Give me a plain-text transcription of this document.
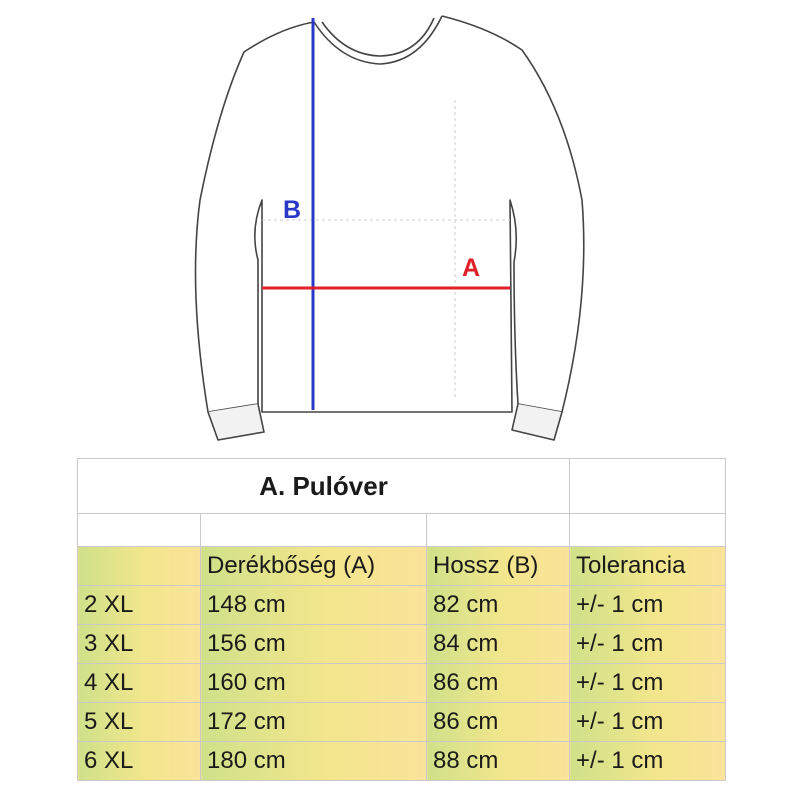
B
A
A. Pulóver			

	Derékbőség (A)	Hossz (B)	Tolerancia
2 XL	148 cm	82 cm	+/- 1 cm
3 XL	156 cm	84 cm	+/- 1 cm
4 XL	160 cm	86 cm	+/- 1 cm
5 XL	172 cm	86 cm	+/- 1 cm
6 XL	180 cm	88 cm	+/- 1 cm
